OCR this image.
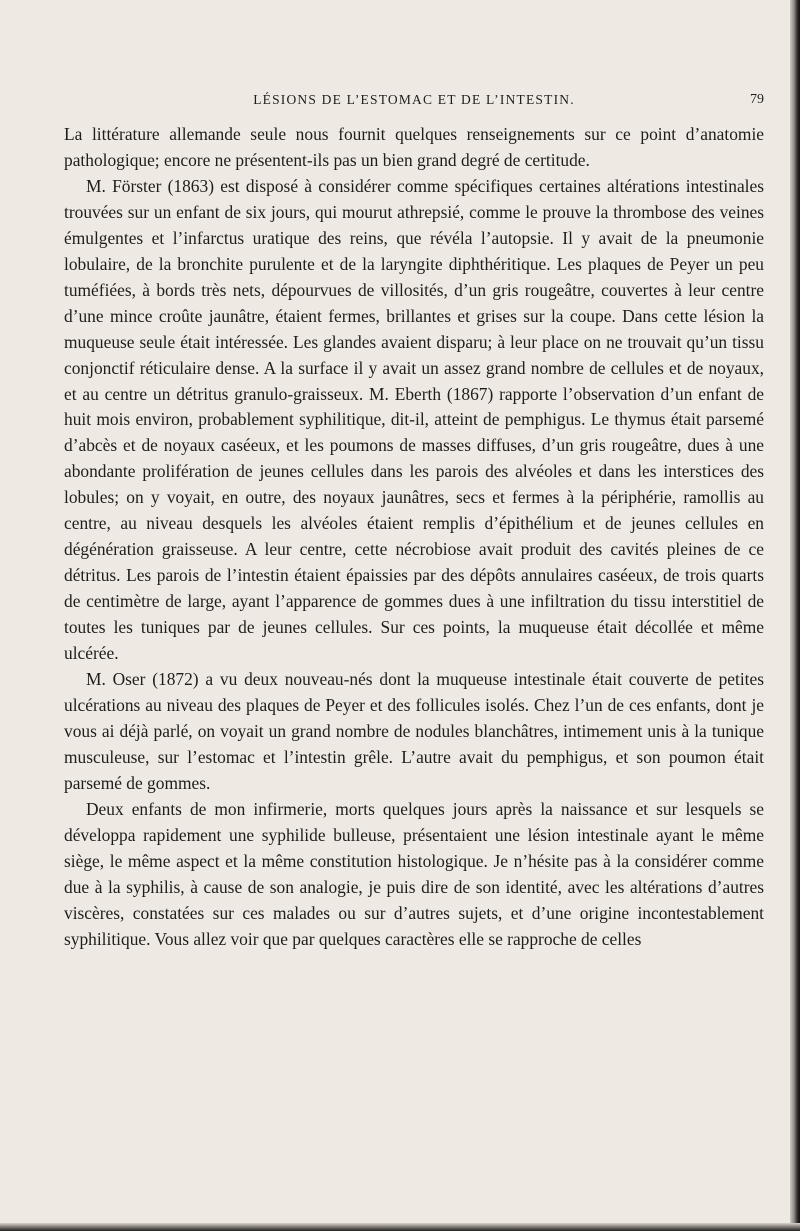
LÉSIONS DE L’ESTOMAC ET DE L’INTESTIN.	79

La littérature allemande seule nous fournit quelques renseignements sur ce point d’anatomie pathologique; encore ne présentent-ils pas un bien grand degré de certitude.

M. Förster (1863) est disposé à considérer comme spécifiques certaines altérations intestinales trouvées sur un enfant de six jours, qui mourut athrepsié, comme le prouve la thrombose des veines émulgentes et l’infarctus uratique des reins, que révéla l’autopsie. Il y avait de la pneumonie lobulaire, de la bronchite purulente et de la laryngite diphthéritique. Les plaques de Peyer un peu tuméfiées, à bords très nets, dépourvues de villosités, d’un gris rougeâtre, couvertes à leur centre d’une mince croûte jaunâtre, étaient fermes, brillantes et grises sur la coupe. Dans cette lésion la muqueuse seule était intéressée. Les glandes avaient disparu; à leur place on ne trouvait qu’un tissu conjonctif réticulaire dense. A la surface il y avait un assez grand nombre de cellules et de noyaux, et au centre un détritus granulo-graisseux. M. Eberth (1867) rapporte l’observation d’un enfant de huit mois environ, probablement syphilitique, dit-il, atteint de pemphigus. Le thymus était parsemé d’abcès et de noyaux caséeux, et les poumons de masses diffuses, d’un gris rougeâtre, dues à une abondante prolifération de jeunes cellules dans les parois des alvéoles et dans les interstices des lobules; on y voyait, en outre, des noyaux jaunâtres, secs et fermes à la périphérie, ramollis au centre, au niveau desquels les alvéoles étaient remplis d’épithélium et de jeunes cellules en dégénération graisseuse. A leur centre, cette nécrobiose avait produit des cavités pleines de ce détritus. Les parois de l’intestin étaient épaissies par des dépôts annulaires caséeux, de trois quarts de centimètre de large, ayant l’apparence de gommes dues à une infiltration du tissu interstitiel de toutes les tuniques par de jeunes cellules. Sur ces points, la muqueuse était décollée et même ulcérée.

M. Oser (1872) a vu deux nouveau-nés dont la muqueuse intestinale était couverte de petites ulcérations au niveau des plaques de Peyer et des follicules isolés. Chez l’un de ces enfants, dont je vous ai déjà parlé, on voyait un grand nombre de nodules blanchâtres, intimement unis à la tunique musculeuse, sur l’estomac et l’intestin grêle. L’autre avait du pemphigus, et son poumon était parsemé de gommes.

Deux enfants de mon infirmerie, morts quelques jours après la naissance et sur lesquels se développa rapidement une syphilide bulleuse, présentaient une lésion intestinale ayant le même siège, le même aspect et la même constitution histologique. Je n’hésite pas à la considérer comme due à la syphilis, à cause de son analogie, je puis dire de son identité, avec les altérations d’autres viscères, constatées sur ces malades ou sur d’autres sujets, et d’une origine incontestablement syphilitique. Vous allez voir que par quelques caractères elle se rapproche de celles
